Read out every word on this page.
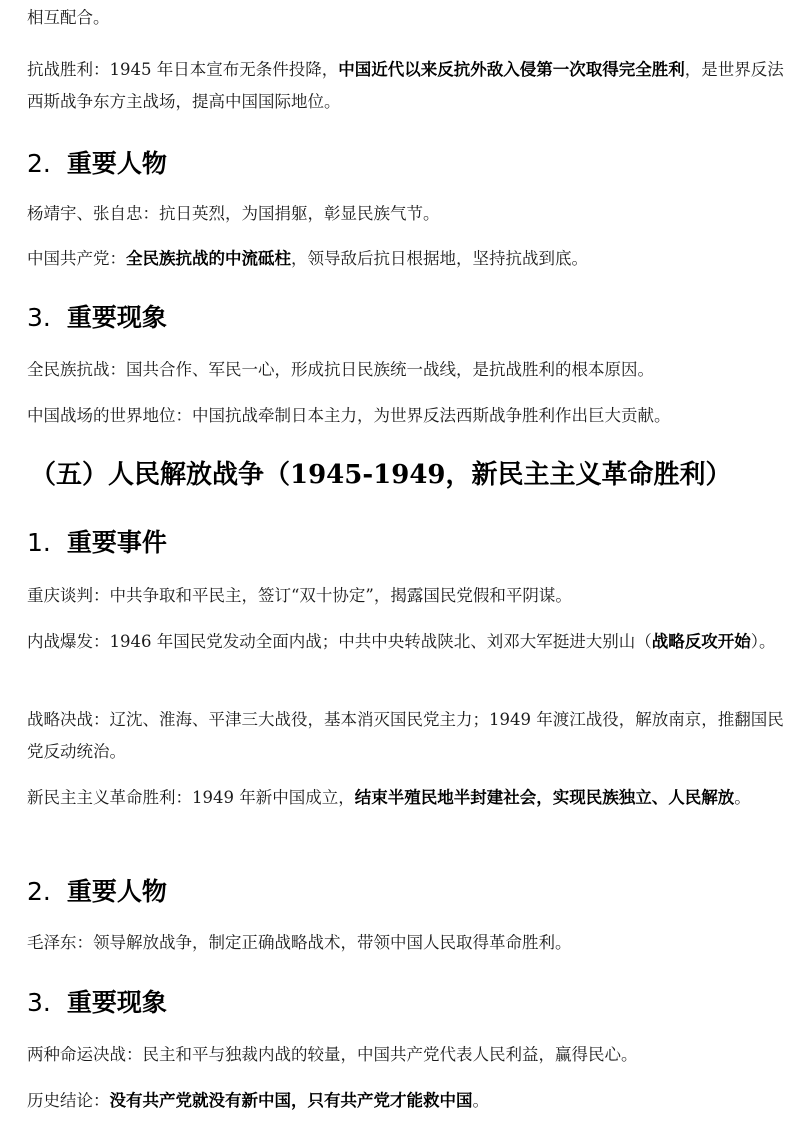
相互配合。

抗战胜利：1945 年日本宣布无条件投降，中国近代以来反抗外敌入侵第一次取得完全胜利，是世界反法西斯战争东方主战场，提高中国国际地位。

2. 重要人物

杨靖宇、张自忠：抗日英烈，为国捐躯，彰显民族气节。

中国共产党：全民族抗战的中流砥柱，领导敌后抗日根据地，坚持抗战到底。

3. 重要现象

全民族抗战：国共合作、军民一心，形成抗日民族统一战线，是抗战胜利的根本原因。

中国战场的世界地位：中国抗战牵制日本主力，为世界反法西斯战争胜利作出巨大贡献。

（五）人民解放战争（1945-1949，新民主主义革命胜利）
1. 重要事件

重庆谈判：中共争取和平民主，签订“双十协定”，揭露国民党假和平阴谋。

内战爆发：1946 年国民党发动全面内战；中共中央转战陕北、刘邓大军挺进大别山（战略反攻开始）。

战略决战：辽沈、淮海、平津三大战役，基本消灭国民党主力；1949 年渡江战役，解放南京，推翻国民党反动统治。

新民主主义革命胜利：1949 年新中国成立，结束半殖民地半封建社会，实现民族独立、人民解放。

2. 重要人物

毛泽东：领导解放战争，制定正确战略战术，带领中国人民取得革命胜利。

3. 重要现象

两种命运决战：民主和平与独裁内战的较量，中国共产党代表人民利益，赢得民心。

历史结论：没有共产党就没有新中国，只有共产党才能救中国。
